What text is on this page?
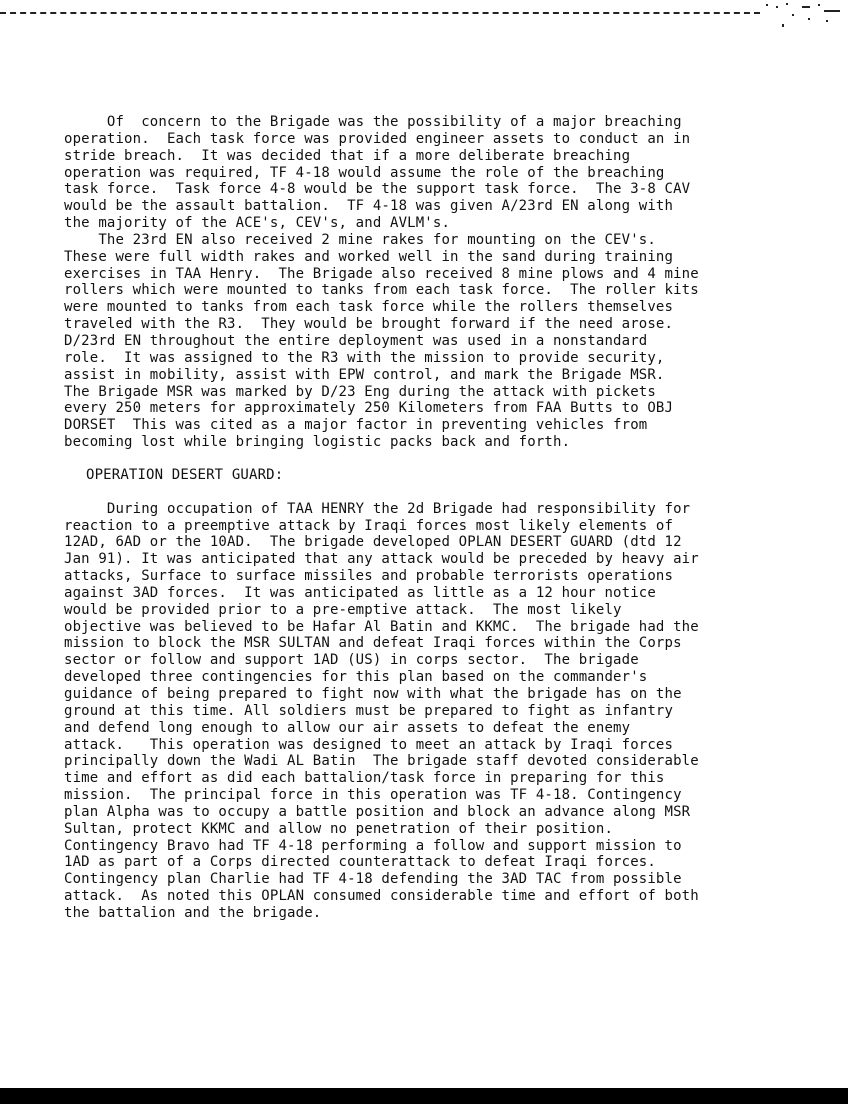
Of  concern to the Brigade was the possibility of a major breaching
operation.  Each task force was provided engineer assets to conduct an in
stride breach.  It was decided that if a more deliberate breaching
operation was required, TF 4-18 would assume the role of the breaching
task force.  Task force 4-8 would be the support task force.  The 3-8 CAV
would be the assault battalion.  TF 4-18 was given A/23rd EN along with
the majority of the ACE's, CEV's, and AVLM's.
The 23rd EN also received 2 mine rakes for mounting on the CEV's.
These were full width rakes and worked well in the sand during training
exercises in TAA Henry.  The Brigade also received 8 mine plows and 4 mine
rollers which were mounted to tanks from each task force.  The roller kits
were mounted to tanks from each task force while the rollers themselves
traveled with the R3.  They would be brought forward if the need arose.
D/23rd EN throughout the entire deployment was used in a nonstandard
role.  It was assigned to the R3 with the mission to provide security,
assist in mobility, assist with EPW control, and mark the Brigade MSR.
The Brigade MSR was marked by D/23 Eng during the attack with pickets
every 250 meters for approximately 250 Kilometers from FAA Butts to OBJ
DORSET  This was cited as a major factor in preventing vehicles from
becoming lost while bringing logistic packs back and forth.
OPERATION DESERT GUARD:
During occupation of TAA HENRY the 2d Brigade had responsibility for
reaction to a preemptive attack by Iraqi forces most likely elements of
12AD, 6AD or the 10AD.  The brigade developed OPLAN DESERT GUARD (dtd 12
Jan 91). It was anticipated that any attack would be preceded by heavy air
attacks, Surface to surface missiles and probable terrorists operations
against 3AD forces.  It was anticipated as little as a 12 hour notice
would be provided prior to a pre-emptive attack.  The most likely
objective was believed to be Hafar Al Batin and KKMC.  The brigade had the
mission to block the MSR SULTAN and defeat Iraqi forces within the Corps
sector or follow and support 1AD (US) in corps sector.  The brigade
developed three contingencies for this plan based on the commander's
guidance of being prepared to fight now with what the brigade has on the
ground at this time. All soldiers must be prepared to fight as infantry
and defend long enough to allow our air assets to defeat the enemy
attack.   This operation was designed to meet an attack by Iraqi forces
principally down the Wadi AL Batin  The brigade staff devoted considerable
time and effort as did each battalion/task force in preparing for this
mission.  The principal force in this operation was TF 4-18. Contingency
plan Alpha was to occupy a battle position and block an advance along MSR
Sultan, protect KKMC and allow no penetration of their position.
Contingency Bravo had TF 4-18 performing a follow and support mission to
1AD as part of a Corps directed counterattack to defeat Iraqi forces.
Contingency plan Charlie had TF 4-18 defending the 3AD TAC from possible
attack.  As noted this OPLAN consumed considerable time and effort of both
the battalion and the brigade.
